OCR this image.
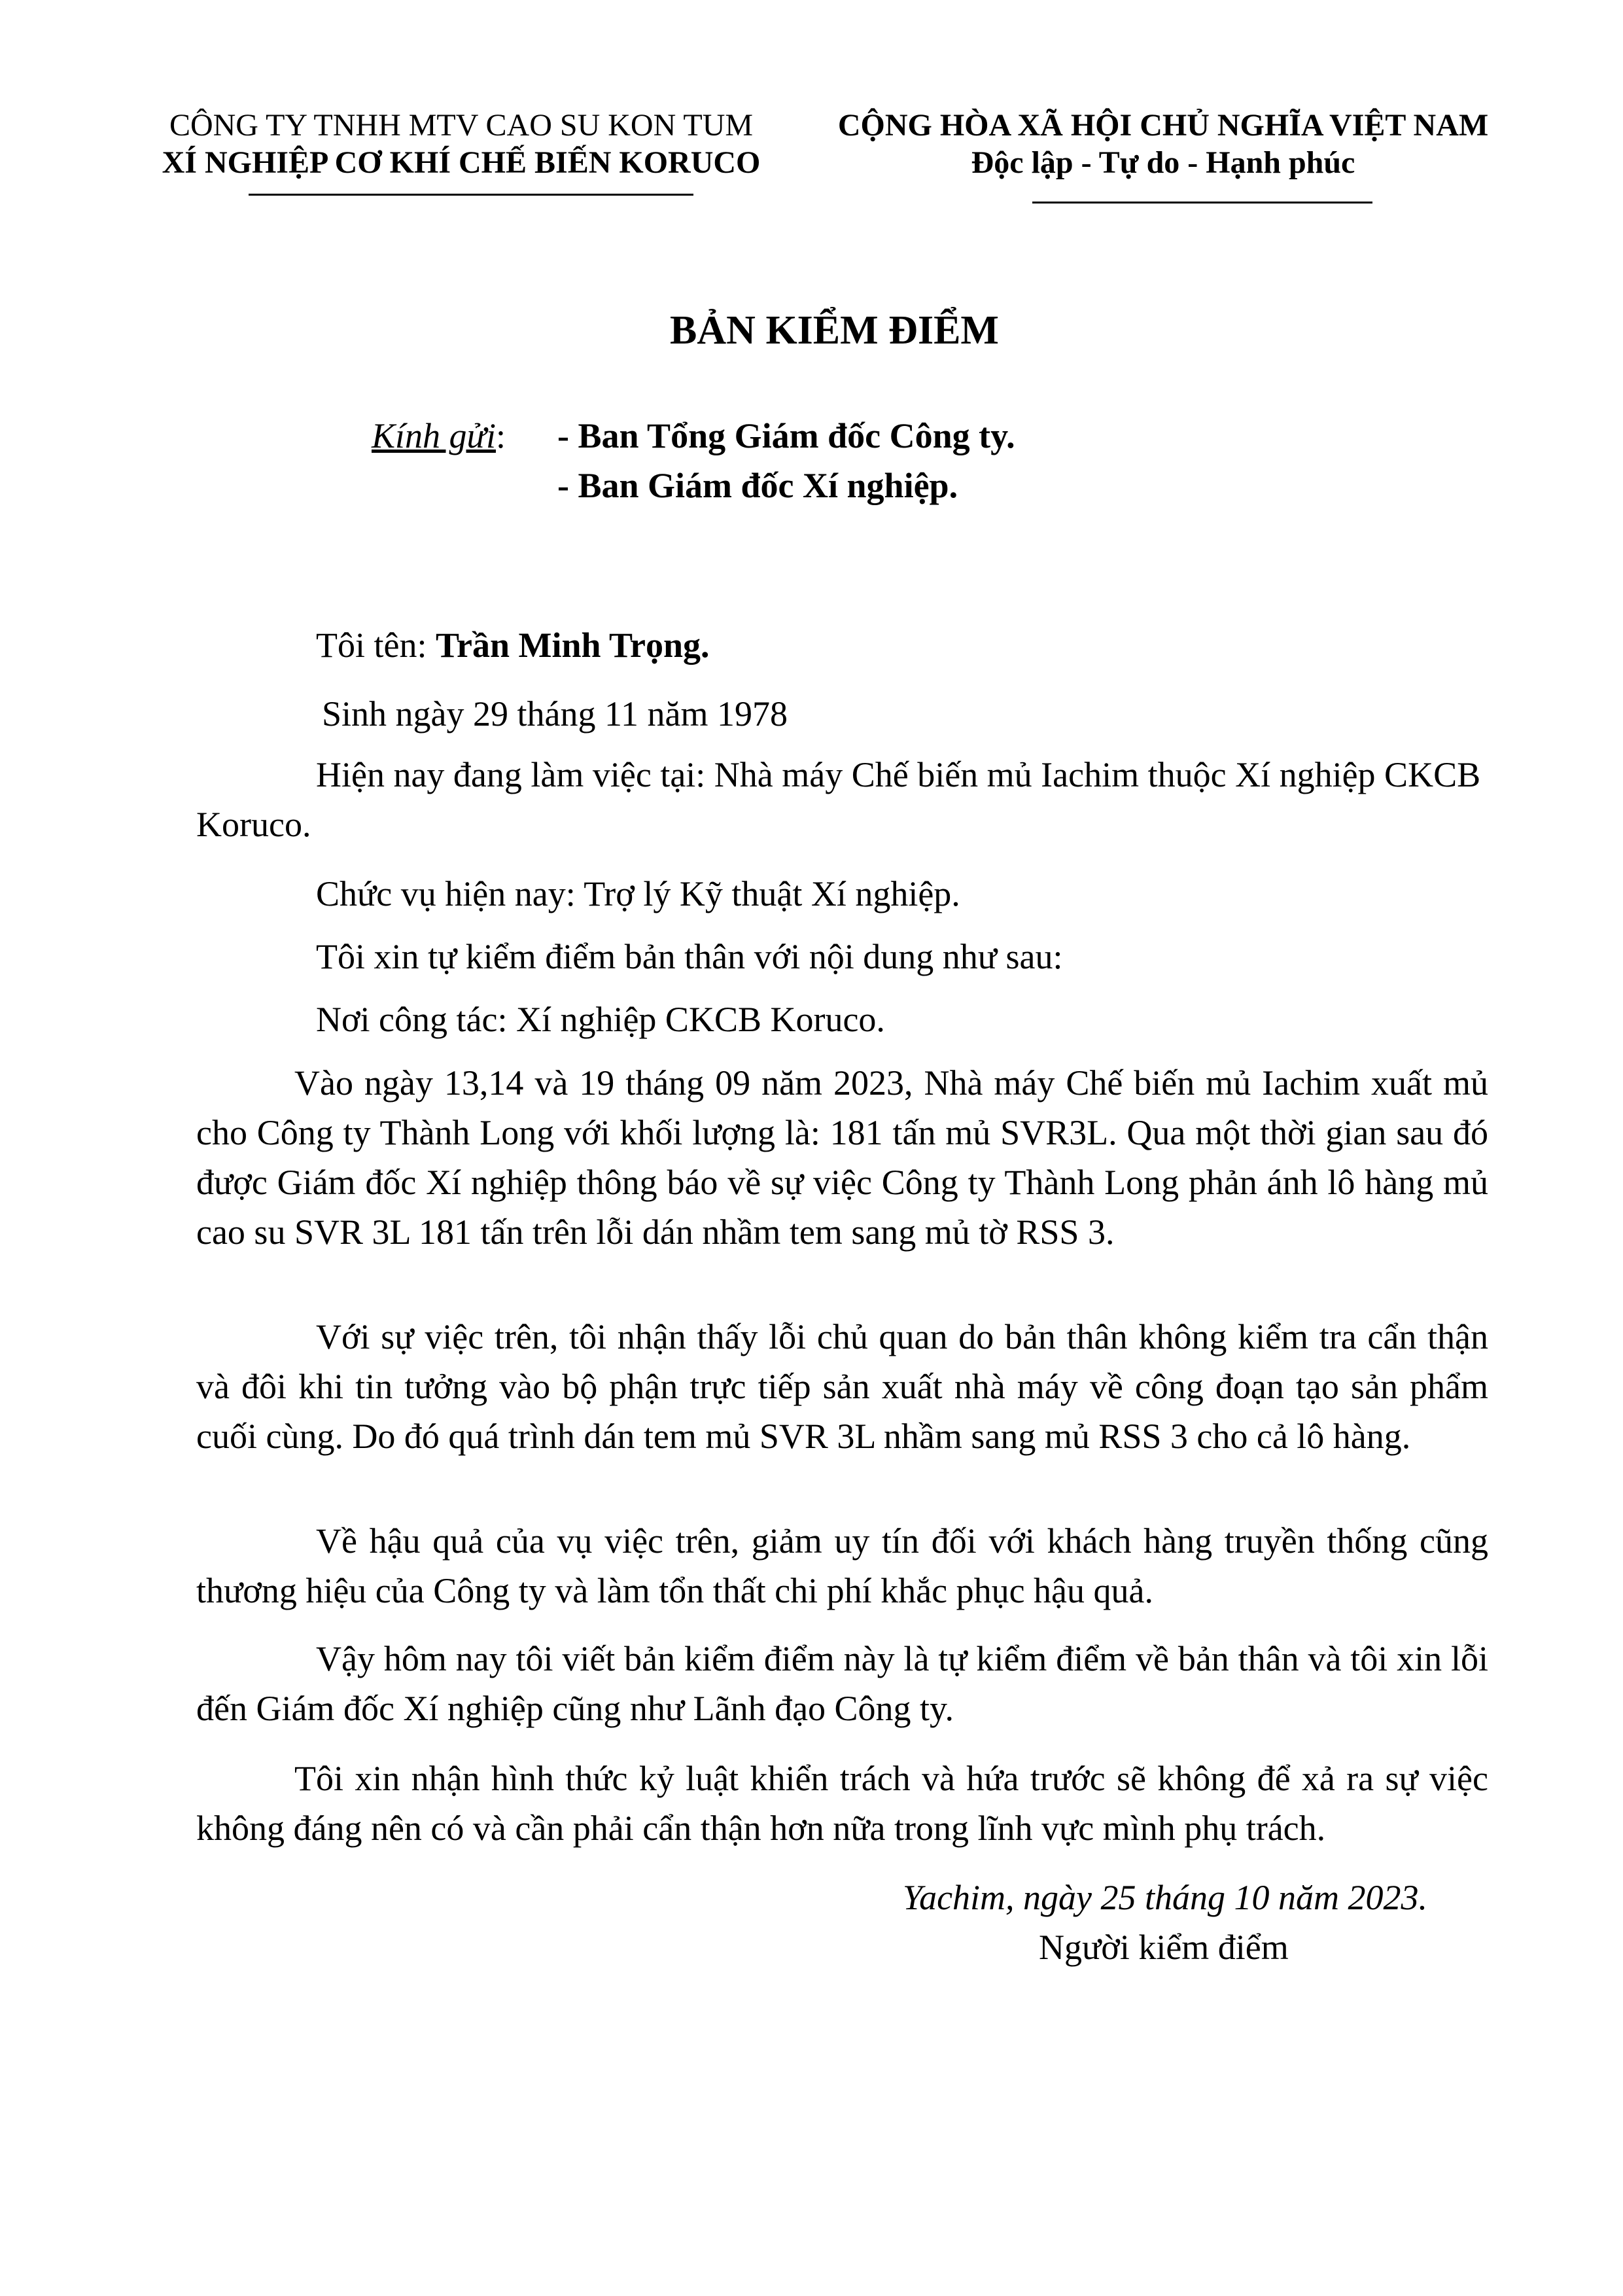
CÔNG TY TNHH MTV CAO SU KON TUM
XÍ NGHIỆP CƠ KHÍ CHẾ BIẾN KORUCO
CỘNG HÒA XÃ HỘI CHỦ NGHĨA VIỆT NAM
Độc lập - Tự do - Hạnh phúc
BẢN KIỂM ĐIỂM
Kính gửi: - Ban Tổng Giám đốc Công ty.
- Ban Giám đốc Xí nghiệp.
Tôi tên: Trần Minh Trọng.
Sinh ngày 29 tháng 11 năm 1978
Hiện nay đang làm việc tại: Nhà máy Chế biến mủ Iachim thuộc Xí nghiệp CKCB Koruco.
Chức vụ hiện nay: Trợ lý Kỹ thuật Xí nghiệp.
Tôi xin tự kiểm điểm bản thân với nội dung như sau:
Nơi công tác: Xí nghiệp CKCB Koruco.
Vào ngày 13,14 và 19 tháng 09 năm 2023, Nhà máy Chế biến mủ Iachim xuất mủ cho Công ty Thành Long với khối lượng là: 181 tấn mủ SVR3L. Qua một thời gian sau đó được Giám đốc Xí nghiệp thông báo về sự việc Công ty Thành Long phản ánh lô hàng mủ cao su SVR 3L 181 tấn trên lỗi dán nhầm tem sang mủ tờ RSS 3.
Với sự việc trên, tôi nhận thấy lỗi chủ quan do bản thân không kiểm tra cẩn thận và đôi khi tin tưởng vào bộ phận trực tiếp sản xuất nhà máy về công đoạn tạo sản phẩm cuối cùng. Do đó quá trình dán tem mủ SVR 3L nhầm sang mủ RSS 3 cho cả lô hàng.
Về hậu quả của vụ việc trên, giảm uy tín đối với khách hàng truyền thống cũng thương hiệu của Công ty và làm tổn thất chi phí khắc phục hậu quả.
Vậy hôm nay tôi viết bản kiểm điểm này là tự kiểm điểm về bản thân và tôi xin lỗi đến Giám đốc Xí nghiệp cũng như Lãnh đạo Công ty.
Tôi xin nhận hình thức kỷ luật khiển trách và hứa trước sẽ không để xả ra sự việc không đáng nên có và cần phải cẩn thận hơn nữa trong lĩnh vực mình phụ trách.
Yachim, ngày 25 tháng 10 năm 2023.
Người kiểm điểm
